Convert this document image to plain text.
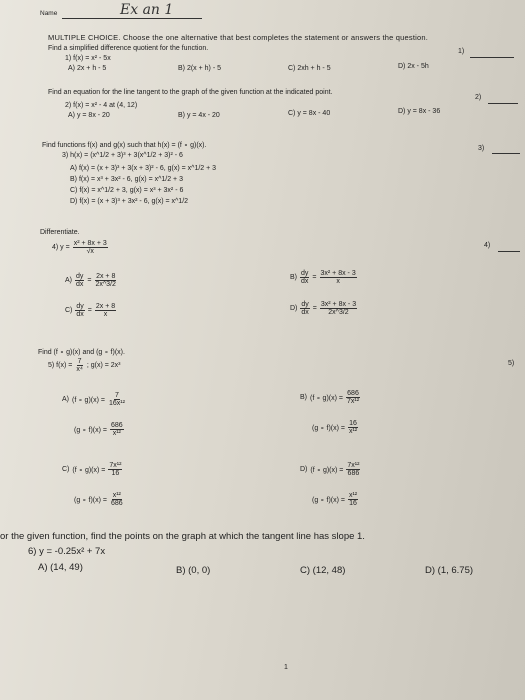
Name	Ex an 1
MULTIPLE CHOICE. Choose the one alternative that best completes the statement or answers the question.
Find a simplified difference quotient for the function.
1) f(x) = x² - 5x
1)
A) 2x + h - 5	B) 2(x + h) - 5	C) 2xh + h - 5	D) 2x - 5h
Find an equation for the line tangent to the graph of the given function at the indicated point.
2) f(x) = x² - 4 at (4, 12)
2)
A) y = 8x - 20	B) y = 4x - 20	C) y = 8x - 40	D) y = 8x - 36
Find functions f(x) and g(x) such that h(x) = (f ∘ g)(x).
3) h(x) = (x^1/2 + 3)³ + 3(x^1/2 + 3)² - 6
3)
A) f(x) = (x + 3)³ + 3(x + 3)² - 6, g(x) = x^1/2 + 3
B) f(x) = x³ + 3x² - 6, g(x) = x^1/2 + 3
C) f(x) = x^1/2 + 3, g(x) = x³ + 3x² - 6
D) f(x) = (x + 3)³ + 3x² - 6, g(x) = x^1/2
Differentiate.
4) $y = \frac{\text{x² + 8x + 3}}{√x}$	4)
$A) \frac{dy}{dx} = \frac{2x + 8}{2x\^{}3/2}$	$B) \frac{dy}{dx} = \frac{\text{3x² + 8x - 3}}{x}$
$C) \frac{dy}{dx} = \frac{2x + 8}{x}$	$D) \frac{dy}{dx} = \frac{\text{3x² + 8x - 3}}{2x\^{}3/2}$
Find (f ∘ g)(x) and (g ∘ f)(x).
5) $f(x) = \frac{7}{\text{x⁴}}$ ; g(x) = 2x³	5)
A) (f ∘ $g)(x) = \frac{7}{\text{16x¹²}}$
(g ∘ $f)(x) = \frac{686}{\text{x¹²}}$
B) (f ∘ $g)(x) = \frac{686}{\text{7x¹²}}$
(g ∘ $f)(x) = \frac{16}{\text{x¹²}}$
C) (f ∘ $g)(x) = \frac{\text{7x¹²}}{16}$
(g ∘ $f)(x) = \frac{\text{x¹²}}{686}$
D) (f ∘ $g)(x) = \frac{\text{7x¹²}}{686}$
(g ∘ $f)(x) = \frac{\text{x¹²}}{16}$
or the given function, find the points on the graph at which the tangent line has slope 1.
6) y = -0.25x² + 7x
A) (14, 49)	B) (0, 0)	C) (12, 48)	D) (1, 6.75)
1
